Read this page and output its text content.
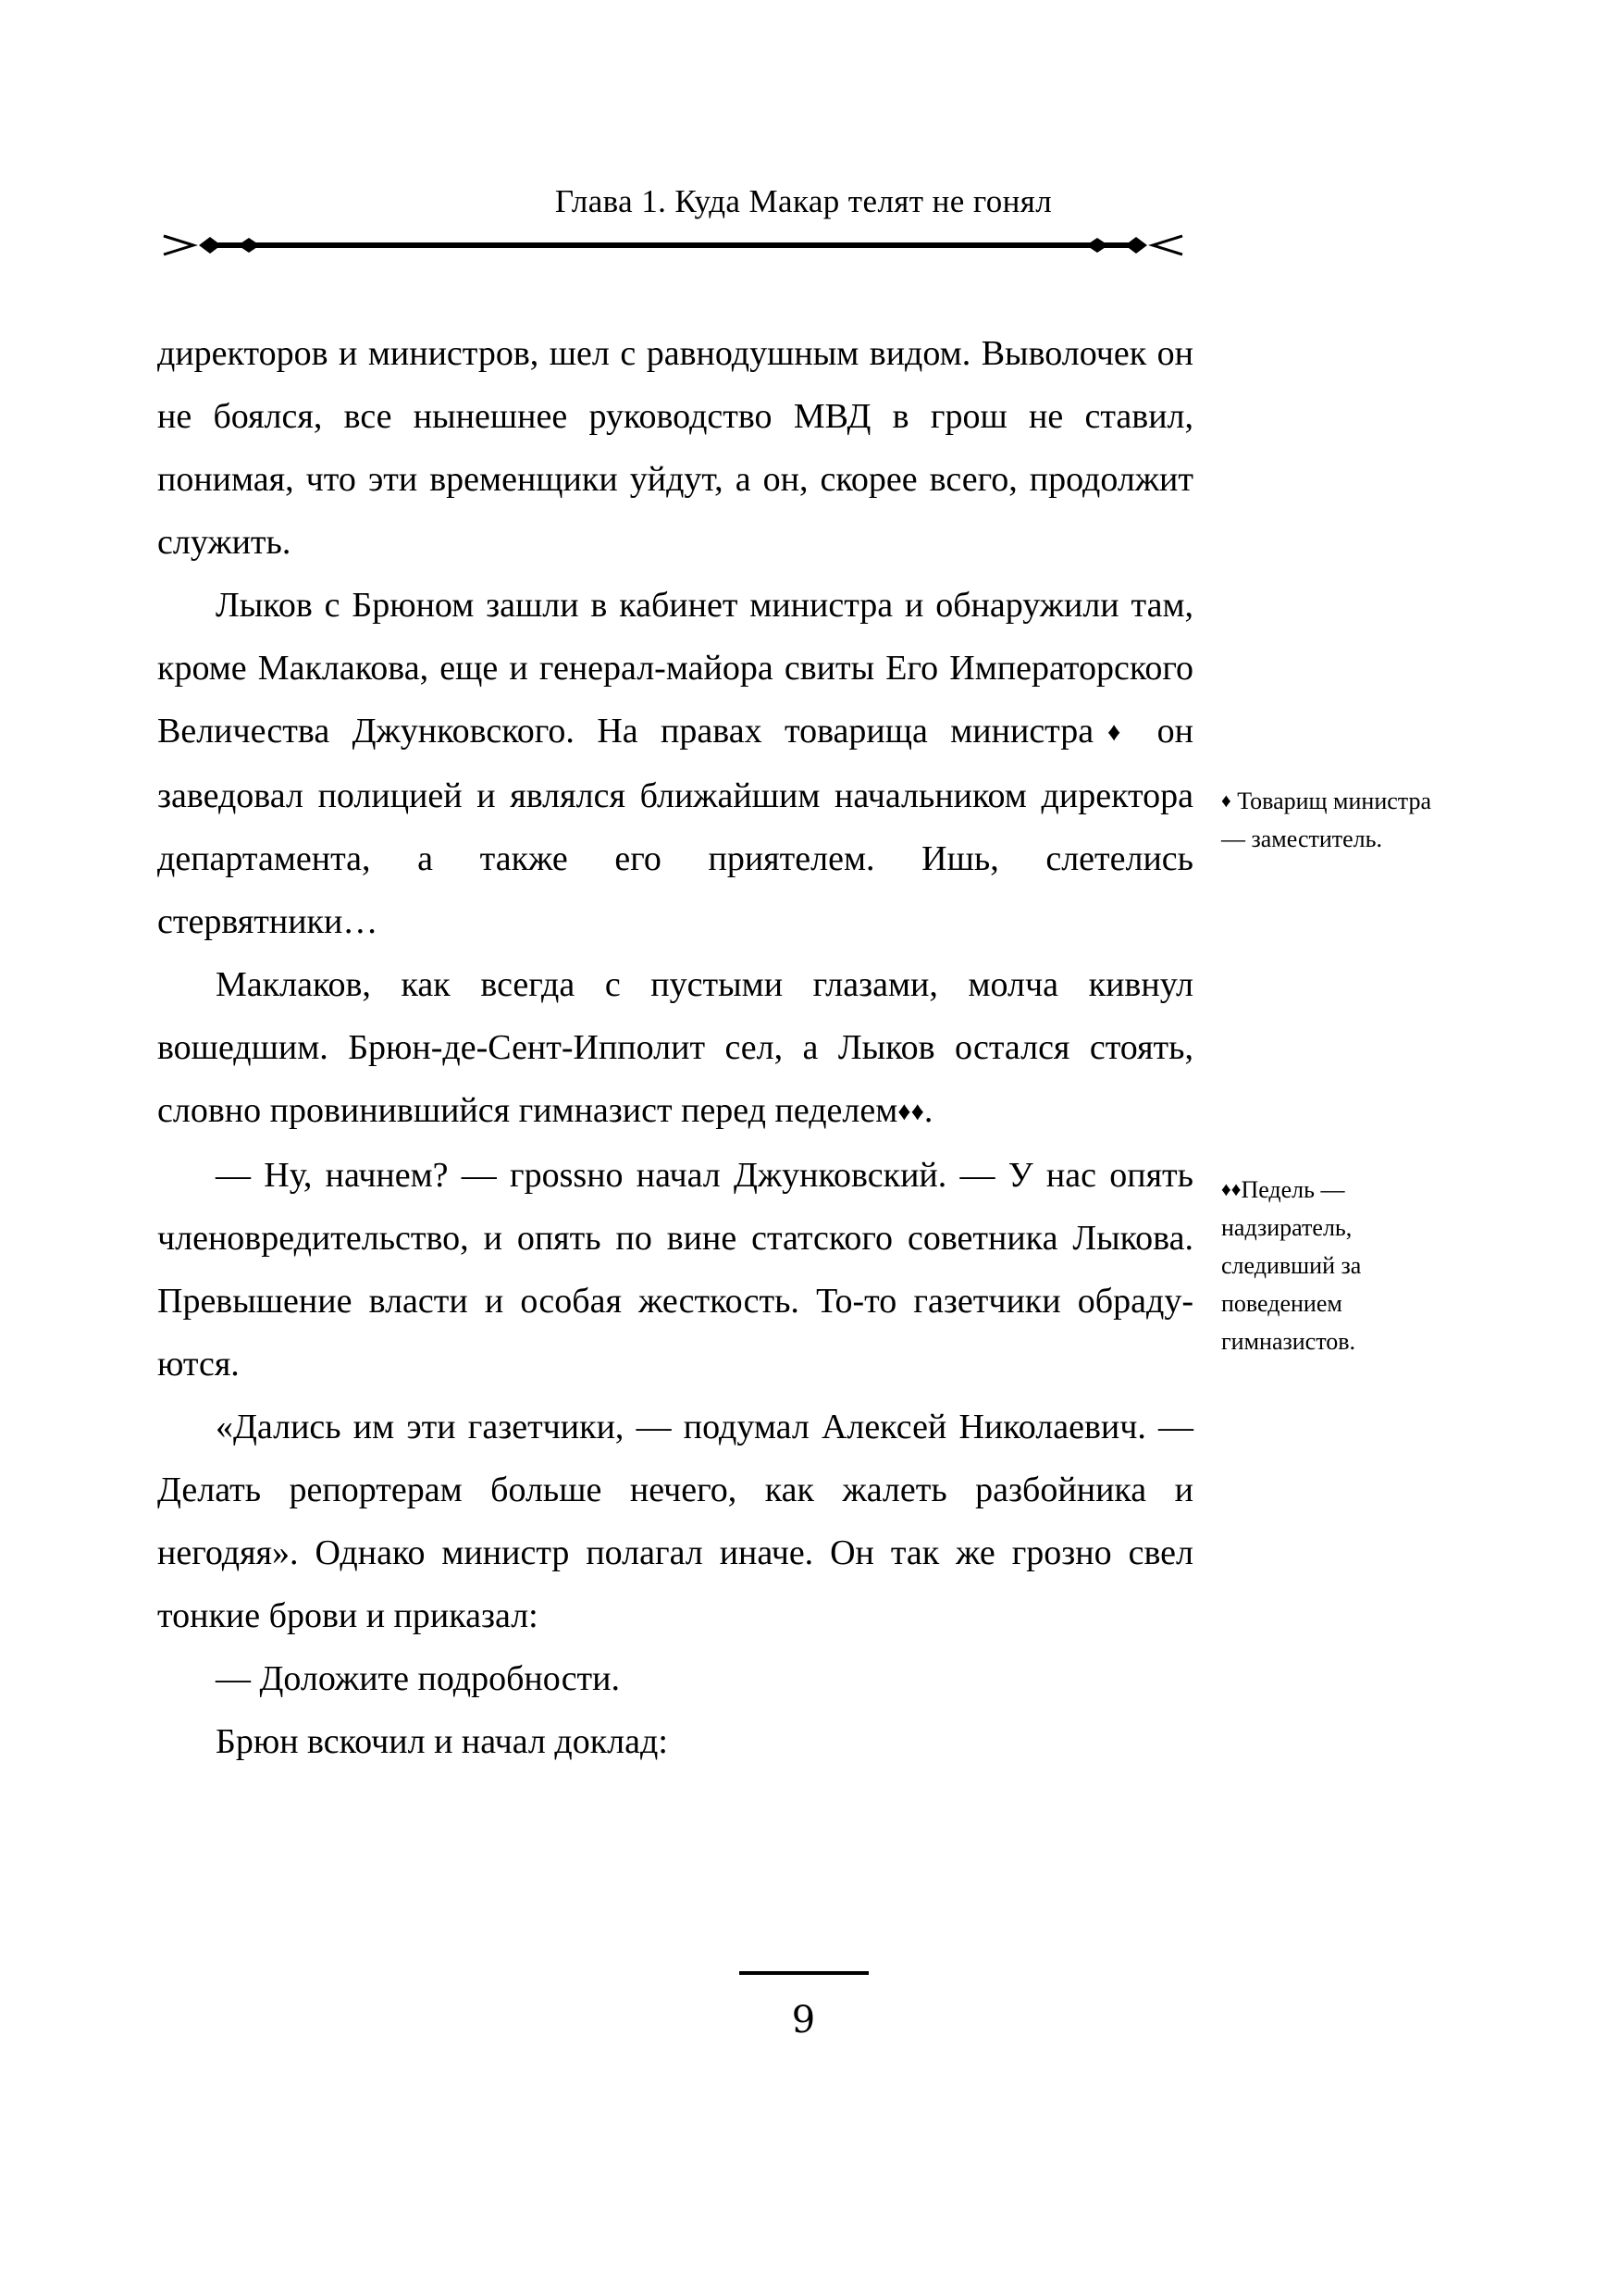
Глава 1. Куда Макар телят не гонял

директоров и министров, шел с равнодушным видом. Выволочек он не боялся, все нынешнее руководство МВД в грош не ставил, понимая, что эти временщики уйдут, а он, скорее всего, продолжит служить.

Лыков с Брюном зашли в кабинет министра и обнаружили там, кроме Маклакова, еще и генерал-майора свиты Его Императорского Величества Джунковского. На правах товарища министра♦ он заведовал полицией и являлся ближайшим начальником директора департамента, а также его приятелем. Ишь, слетелись стервятники…

Маклаков, как всегда с пустыми глазами, молча кивнул вошедшим. Брюн-де-Сент-Ипполит сел, а Лыков остался стоять, словно провинившийся гимназист перед педелем♦♦.

— Ну, начнем? — гpossно начал Джунковский. — У нас опять членовредительство, и опять по вине статского советника Лыкова. Превышение власти и особая жесткость. То-то газетчики обрадуются.

«Дались им эти газетчики, — подумал Алексей Николаевич. — Делать репортерам больше нечего, как жалеть разбойника и негодяя». Однако министр полагал иначе. Он так же грозно свел тонкие брови и приказал:

— Доложите подробности.

Брюн вскочил и начал доклад:

♦ Товарищ министра — заместитель.
♦♦Педель — надзиратель, следивший за поведением гимназистов.
9
